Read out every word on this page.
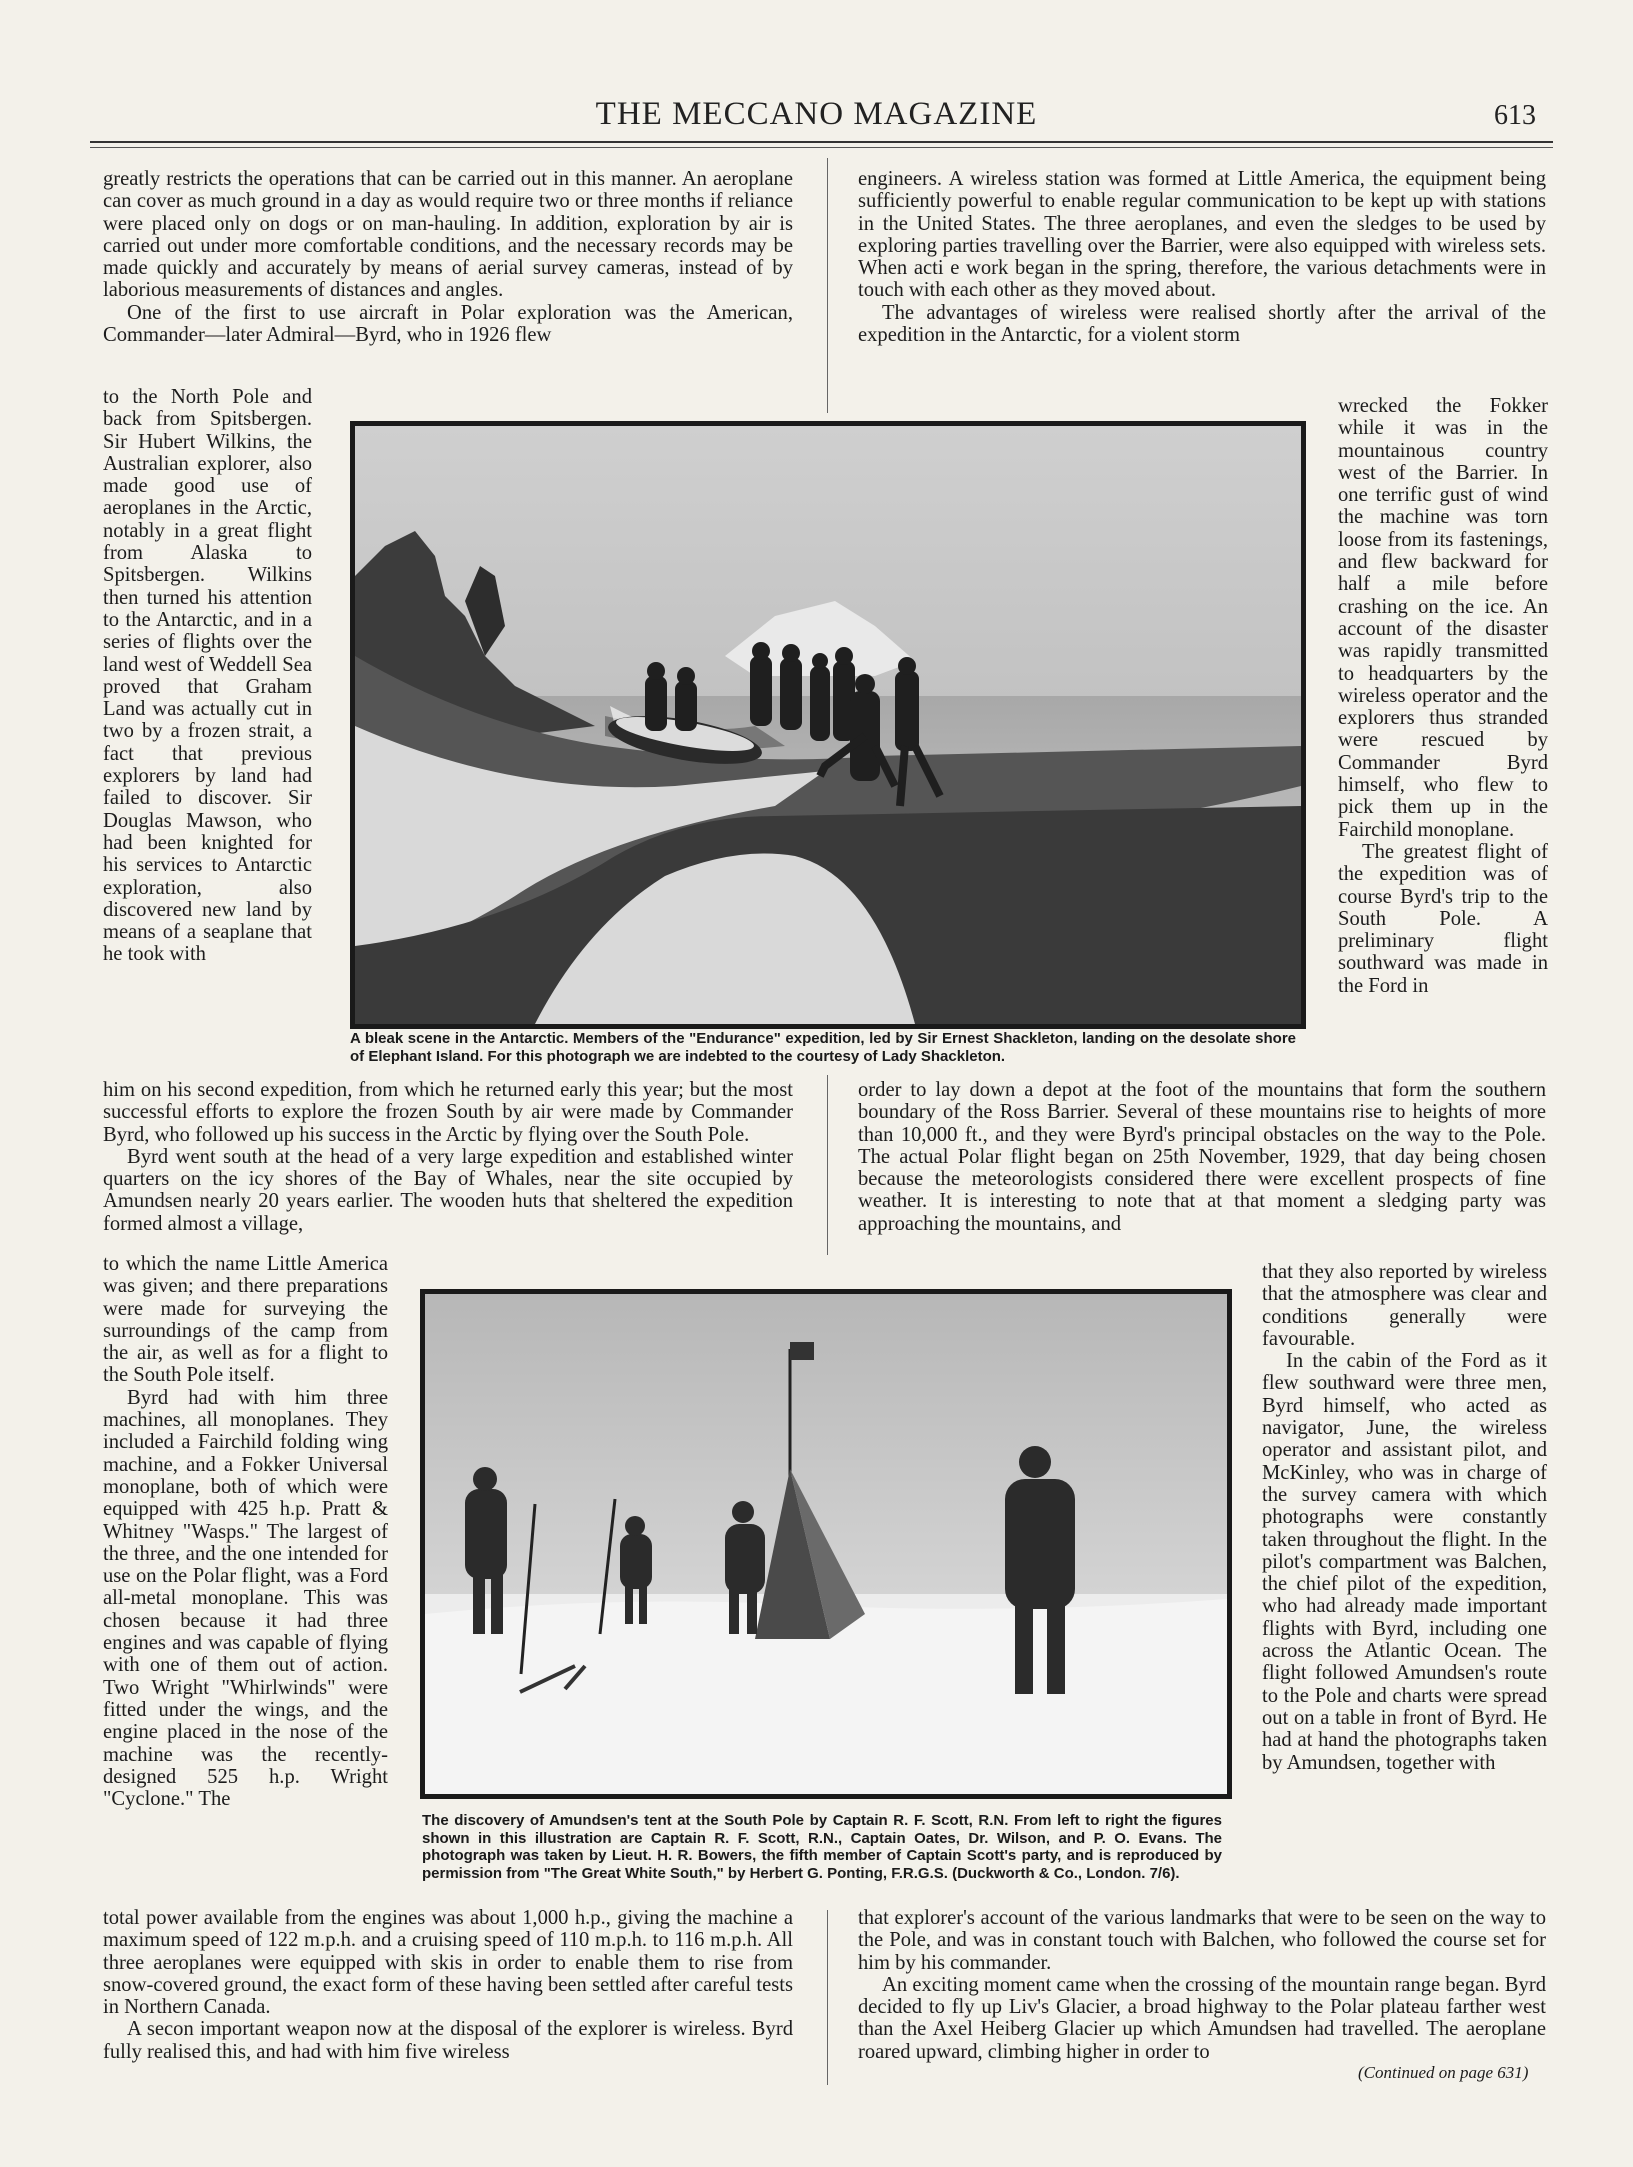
THE MECCANO MAGAZINE	613

greatly restricts the operations that can be carried out in this manner. An aeroplane can cover as much ground in a day as would require two or three months if reliance were placed only on dogs or on man-hauling. In addition, exploration by air is carried out under more comfortable conditions, and the necessary records may be made quickly and accurately by means of aerial survey cameras, instead of by laborious measurements of distances and angles.

One of the first to use aircraft in Polar exploration was the American, Commander—later Admiral—Byrd, who in 1926 flew

to the North Pole and back from Spitsbergen. Sir Hubert Wilkins, the Australian explorer, also made good use of aeroplanes in the Arctic, notably in a great flight from Alaska to Spitsbergen. Wilkins then turned his attention to the Antarctic, and in a series of flights over the land west of Weddell Sea proved that Graham Land was actually cut in two by a frozen strait, a fact that previous explorers by land had failed to discover. Sir Douglas Mawson, who had been knighted for his services to Antarctic exploration, also discovered new land by means of a seaplane that he took with

engineers. A wireless station was formed at Little America, the equipment being sufficiently powerful to enable regular communication to be kept up with stations in the United States. The three aeroplanes, and even the sledges to be used by exploring parties travelling over the Barrier, were also equipped with wireless sets. When acti e work began in the spring, therefore, the various detachments were in touch with each other as they moved about.

The advantages of wireless were realised shortly after the arrival of the expedition in the Antarctic, for a violent storm

wrecked the Fokker while it was in the mountainous country west of the Barrier. In one terrific gust of wind the machine was torn loose from its fastenings, and flew backward for half a mile before crashing on the ice. An account of the disaster was rapidly transmitted to headquarters by the wireless operator and the explorers thus stranded were rescued by Commander Byrd himself, who flew to pick them up in the Fairchild monoplane.

The greatest flight of the expedition was of course Byrd's trip to the South Pole. A preliminary flight southward was made in the Ford in

A bleak scene in the Antarctic. Members of the "Endurance" expedition, led by Sir Ernest Shackleton, landing on the desolate shore of Elephant Island. For this photograph we are indebted to the courtesy of Lady Shackleton.

him on his second expedition, from which he returned early this year; but the most successful efforts to explore the frozen South by air were made by Commander Byrd, who followed up his success in the Arctic by flying over the South Pole.

Byrd went south at the head of a very large expedition and established winter quarters on the icy shores of the Bay of Whales, near the site occupied by Amundsen nearly 20 years earlier. The wooden huts that sheltered the expedition formed almost a village,

to which the name Little America was given; and there preparations were made for surveying the surroundings of the camp from the air, as well as for a flight to the South Pole itself.

Byrd had with him three machines, all monoplanes. They included a Fairchild folding wing machine, and a Fokker Universal monoplane, both of which were equipped with 425 h.p. Pratt & Whitney "Wasps." The largest of the three, and the one intended for use on the Polar flight, was a Ford all-metal monoplane. This was chosen because it had three engines and was capable of flying with one of them out of action. Two Wright "Whirlwinds" were fitted under the wings, and the engine placed in the nose of the machine was the recently-designed 525 h.p. Wright "Cyclone." The

order to lay down a depot at the foot of the mountains that form the southern boundary of the Ross Barrier. Several of these mountains rise to heights of more than 10,000 ft., and they were Byrd's principal obstacles on the way to the Pole. The actual Polar flight began on 25th November, 1929, that day being chosen because the meteorologists considered there were excellent prospects of fine weather. It is interesting to note that at that moment a sledging party was approaching the mountains, and

that they also reported by wireless that the atmosphere was clear and conditions generally were favourable.

In the cabin of the Ford as it flew southward were three men, Byrd himself, who acted as navigator, June, the wireless operator and assistant pilot, and McKinley, who was in charge of the survey camera with which photographs were constantly taken throughout the flight. In the pilot's compartment was Balchen, the chief pilot of the expedition, who had already made important flights with Byrd, including one across the Atlantic Ocean. The flight followed Amundsen's route to the Pole and charts were spread out on a table in front of Byrd. He had at hand the photographs taken by Amundsen, together with

The discovery of Amundsen's tent at the South Pole by Captain R. F. Scott, R.N. From left to right the figures shown in this illustration are Captain R. F. Scott, R.N., Captain Oates, Dr. Wilson, and P. O. Evans. The photograph was taken by Lieut. H. R. Bowers, the fifth member of Captain Scott's party, and is reproduced by permission from "The Great White South," by Herbert G. Ponting, F.R.G.S. (Duckworth & Co., London. 7/6).

total power available from the engines was about 1,000 h.p., giving the machine a maximum speed of 122 m.p.h. and a cruising speed of 110 m.p.h. to 116 m.p.h. All three aeroplanes were equipped with skis in order to enable them to rise from snow-covered ground, the exact form of these having been settled after careful tests in Northern Canada.

A secon important weapon now at the disposal of the explorer is wireless. Byrd fully realised this, and had with him five wireless

that explorer's account of the various landmarks that were to be seen on the way to the Pole, and was in constant touch with Balchen, who followed the course set for him by his commander.

An exciting moment came when the crossing of the mountain range began. Byrd decided to fly up Liv's Glacier, a broad highway to the Polar plateau farther west than the Axel Heiberg Glacier up which Amundsen had travelled. The aeroplane roared upward, climbing higher in order to

(Continued on page 631)
